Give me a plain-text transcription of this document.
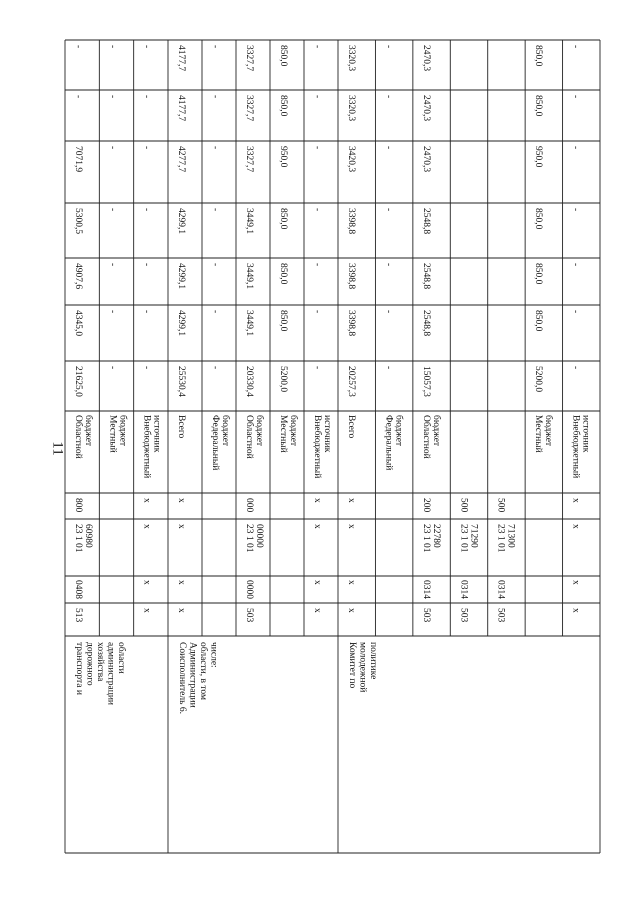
11
транспорта и дорожного хозяйства администрации области
-
-
7071,9
5300,5
4907,6
4345,0
21625,0
Областной бюджет
800
23 1 01 60980
0408
513
-
-
-
-
-
-
-
Местный бюджет
-
-
-
-
-
-
-
Внебюджетный источник
х
х
х
х
Соисполнитель 6. Администрации области, в том числе:
4177,7
4177,7
4277,7
4299,1
4299,1
4299,1
25530,4
Всего
х
х
х
х
-
-
-
-
-
-
-
Федеральный бюджет
3327,7
3327,7
3327,7
3449,1
3449,1
3449,1
20330,4
Областной бюджет
000
23 1 01 00000
0000
503
850,0
850,0
950,0
850,0
850,0
850,0
5200,0
Местный бюджет
-
-
-
-
-
-
-
Внебюджетный источник
х
х
х
х
Комитет по молодежной политике
3320,3
3320,3
3420,3
3398,8
3398,8
3398,8
20257,3
Всего
х
х
х
х
-
-
-
-
-
-
-
Федеральный бюджет
2470,3
2470,3
2470,3
2548,8
2548,8
2548,8
15057,3
Областной бюджет
200
23 1 01 22780
0314
503
500
23 1 01 71290
0314
503
500
23 1 01 71300
0314
503
850,0
850,0
950,0
850,0
850,0
850,0
5200,0
Местный бюджет
-
-
-
-
-
-
-
Внебюджетный источник
х
х
х
х
